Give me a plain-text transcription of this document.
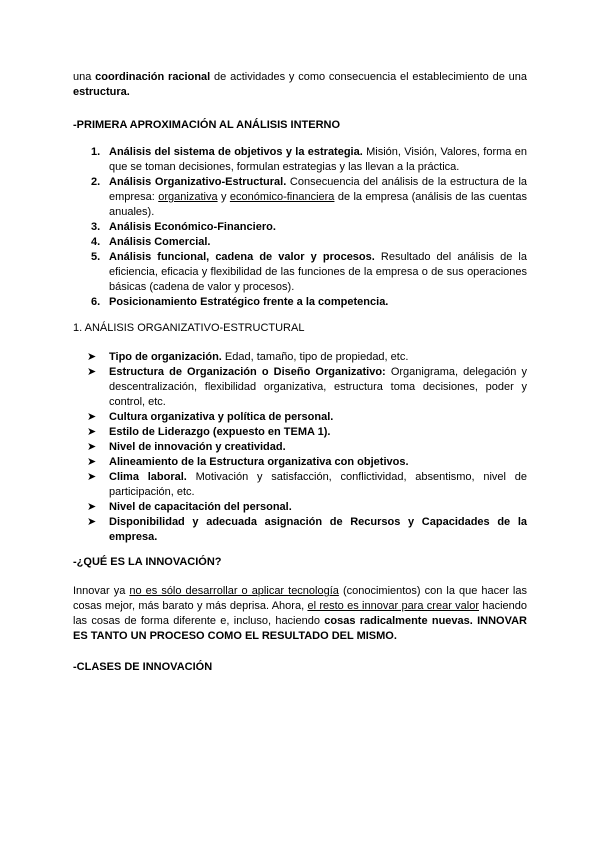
una coordinación racional de actividades y como consecuencia el establecimiento de una estructura.

-PRIMERA APROXIMACIÓN AL ANÁLISIS INTERNO

1. Análisis del sistema de objetivos y la estrategia. Misión, Visión, Valores, forma en que se toman decisiones, formulan estrategias y las llevan a la práctica.
2. Análisis Organizativo-Estructural. Consecuencia del análisis de la estructura de la empresa: organizativa y económico-financiera de la empresa (análisis de las cuentas anuales).
3. Análisis Económico-Financiero.
4. Análisis Comercial.
5. Análisis funcional, cadena de valor y procesos. Resultado del análisis de la eficiencia, eficacia y flexibilidad de las funciones de la empresa o de sus operaciones básicas (cadena de valor y procesos).
6. Posicionamiento Estratégico frente a la competencia.

1. ANÁLISIS ORGANIZATIVO-ESTRUCTURAL

➤ Tipo de organización. Edad, tamaño, tipo de propiedad, etc.
➤ Estructura de Organización o Diseño Organizativo: Organigrama, delegación y descentralización, flexibilidad organizativa, estructura toma decisiones, poder y control, etc.
➤ Cultura organizativa y política de personal.
➤ Estilo de Liderazgo (expuesto en TEMA 1).
➤ Nivel de innovación y creatividad.
➤ Alineamiento de la Estructura organizativa con objetivos.
➤ Clima laboral. Motivación y satisfacción, conflictividad, absentismo, nivel de participación, etc.
➤ Nivel de capacitación del personal.
➤ Disponibilidad y adecuada asignación de Recursos y Capacidades de la empresa.

-¿QUÉ ES LA INNOVACIÓN?

Innovar ya no es sólo desarrollar o aplicar tecnología (conocimientos) con la que hacer las cosas mejor, más barato y más deprisa. Ahora, el resto es innovar para crear valor haciendo las cosas de forma diferente e, incluso, haciendo cosas radicalmente nuevas. INNOVAR ES TANTO UN PROCESO COMO EL RESULTADO DEL MISMO.

-CLASES DE INNOVACIÓN
